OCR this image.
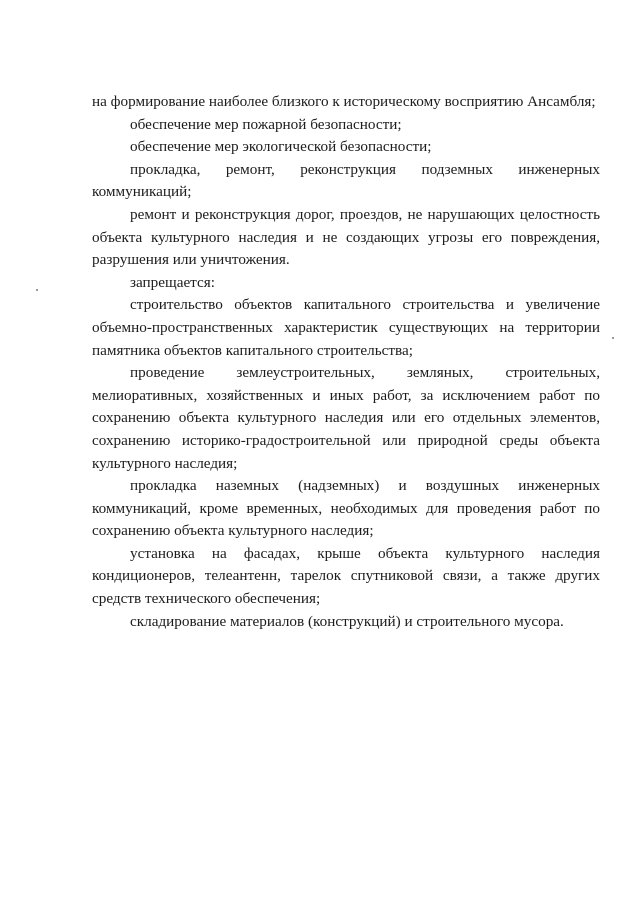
на формирование наиболее близкого к историческому восприятию Ансамбля;

обеспечение мер пожарной безопасности;

обеспечение мер экологической безопасности;

прокладка, ремонт, реконструкция подземных инженерных коммуникаций;

ремонт и реконструкция дорог, проездов, не нарушающих целостность объекта культурного наследия и не создающих угрозы его повреждения, разрушения или уничтожения.

запрещается:

строительство объектов капитального строительства и увеличение объемно-пространственных характеристик существующих на территории памятника объектов капитального строительства;

проведение землеустроительных, земляных, строительных, мелиоративных, хозяйственных и иных работ, за исключением работ по сохранению объекта культурного наследия или его отдельных элементов, сохранению историко-градостроительной или природной среды объекта культурного наследия;

прокладка наземных (надземных) и воздушных инженерных коммуникаций, кроме временных, необходимых для проведения работ по сохранению объекта культурного наследия;

установка на фасадах, крыше объекта культурного наследия кондиционеров, телеантенн, тарелок спутниковой связи, а также других средств технического обеспечения;

складирование материалов (конструкций) и строительного мусора.
